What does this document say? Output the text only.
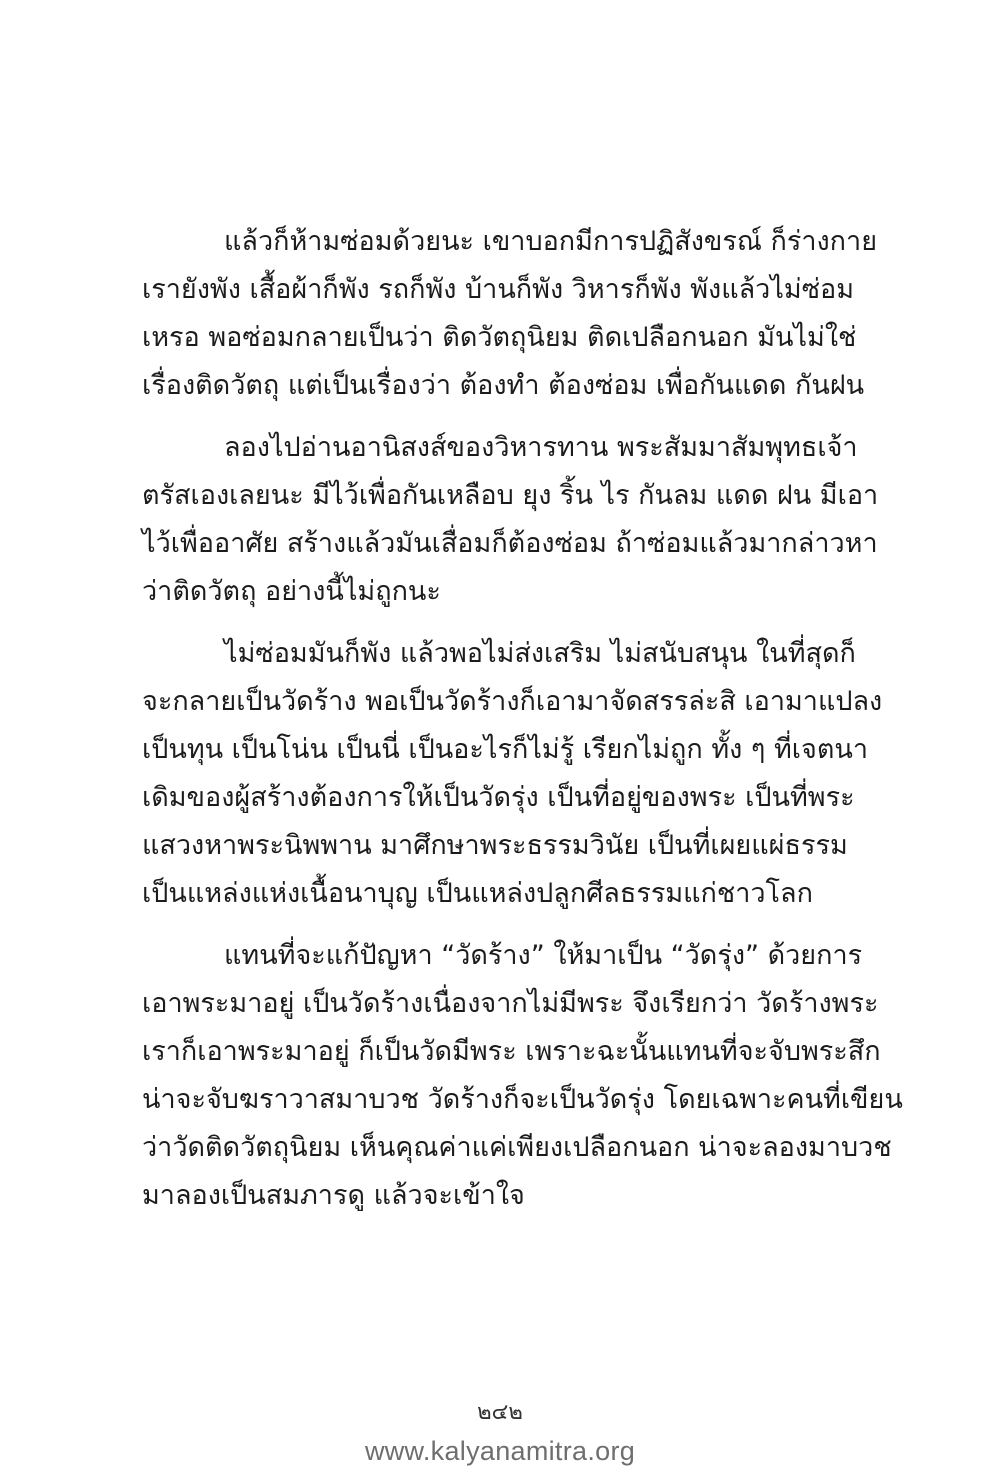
แล้วก็ห้ามซ่อมด้วยนะ เขาบอกมีการปฏิสังขรณ์ ก็ร่างกาย
เรายังพัง เสื้อผ้าก็พัง รถก็พัง บ้านก็พัง วิหารก็พัง พังแล้วไม่ซ่อม
เหรอ พอซ่อมกลายเป็นว่า ติดวัตถุนิยม ติดเปลือกนอก มันไม่ใช่
เรื่องติดวัตถุ แต่เป็นเรื่องว่า ต้องทำ ต้องซ่อม เพื่อกันแดด กันฝน
ลองไปอ่านอานิสงส์ของวิหารทาน พระสัมมาสัมพุทธเจ้า
ตรัสเองเลยนะ มีไว้เพื่อกันเหลือบ ยุง ริ้น ไร กันลม แดด ฝน มีเอา
ไว้เพื่ออาศัย สร้างแล้วมันเสื่อมก็ต้องซ่อม ถ้าซ่อมแล้วมากล่าวหา
ว่าติดวัตถุ อย่างนี้ไม่ถูกนะ
ไม่ซ่อมมันก็พัง แล้วพอไม่ส่งเสริม ไม่สนับสนุน ในที่สุดก็
จะกลายเป็นวัดร้าง พอเป็นวัดร้างก็เอามาจัดสรรล่ะสิ เอามาแปลง
เป็นทุน เป็นโน่น เป็นนี่ เป็นอะไรก็ไม่รู้ เรียกไม่ถูก ทั้ง ๆ ที่เจตนา
เดิมของผู้สร้างต้องการให้เป็นวัดรุ่ง เป็นที่อยู่ของพระ เป็นที่พระ
แสวงหาพระนิพพาน มาศึกษาพระธรรมวินัย เป็นที่เผยแผ่ธรรม
เป็นแหล่งแห่งเนื้อนาบุญ เป็นแหล่งปลูกศีลธรรมแก่ชาวโลก
แทนที่จะแก้ปัญหา “วัดร้าง” ให้มาเป็น “วัดรุ่ง” ด้วยการ
เอาพระมาอยู่ เป็นวัดร้างเนื่องจากไม่มีพระ จึงเรียกว่า วัดร้างพระ
เราก็เอาพระมาอยู่ ก็เป็นวัดมีพระ เพราะฉะนั้นแทนที่จะจับพระสึก
น่าจะจับฆราวาสมาบวช วัดร้างก็จะเป็นวัดรุ่ง โดยเฉพาะคนที่เขียน
ว่าวัดติดวัตถุนิยม เห็นคุณค่าแค่เพียงเปลือกนอก น่าจะลองมาบวช
มาลองเป็นสมภารดู แล้วจะเข้าใจ
๒๔๒
www.kalyanamitra.org
